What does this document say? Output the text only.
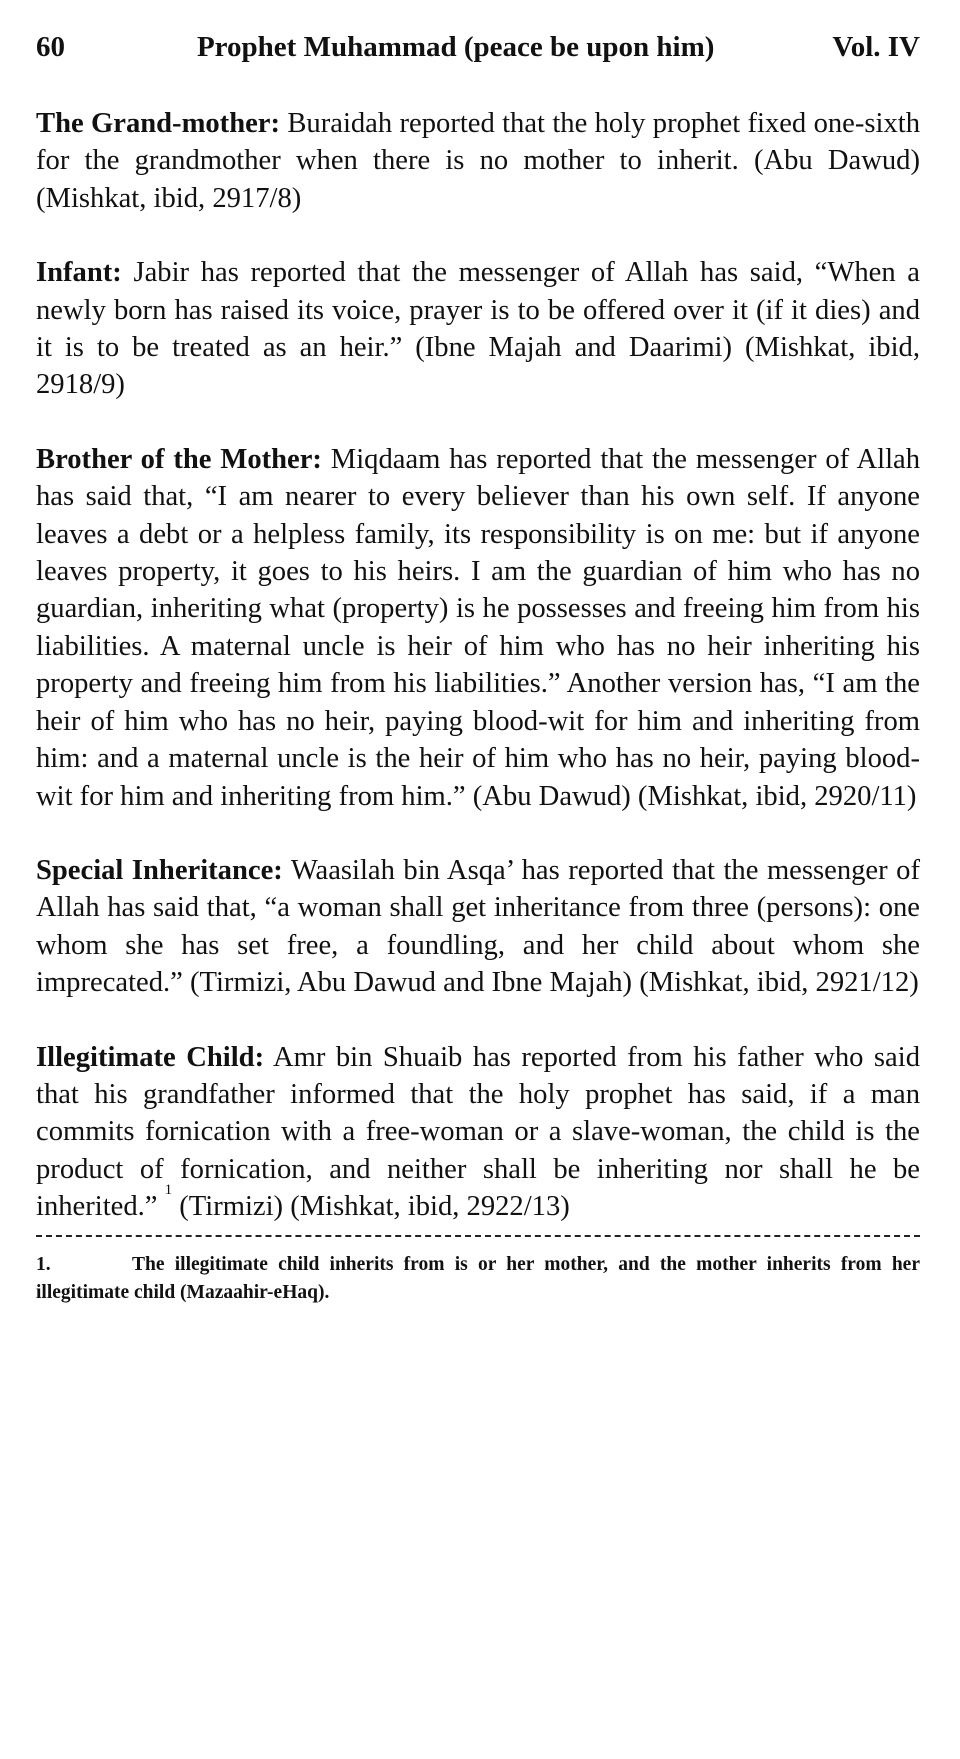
60	Prophet Muhammad (peace be upon him)	Vol. IV

The Grand-mother: Buraidah reported that the holy prophet fixed one-sixth for the grandmother when there is no mother to inherit. (Abu Dawud) (Mishkat, ibid, 2917/8)

Infant: Jabir has reported that the messenger of Allah has said, “When a newly born has raised its voice, prayer is to be offered over it (if it dies) and it is to be treated as an heir.” (Ibne Majah and Daarimi) (Mishkat, ibid, 2918/9)

Brother of the Mother: Miqdaam has reported that the messenger of Allah has said that, “I am nearer to every believer than his own self. If anyone leaves a debt or a helpless family, its responsibility is on me: but if anyone leaves property, it goes to his heirs. I am the guardian of him who has no guardian, inheriting what (property) is he possesses and freeing him from his liabilities. A maternal uncle is heir of him who has no heir inheriting his property and freeing him from his liabilities.” Another version has, “I am the heir of him who has no heir, paying blood-wit for him and inheriting from him: and a maternal uncle is the heir of him who has no heir, paying blood-wit for him and inheriting from him.” (Abu Dawud) (Mishkat, ibid, 2920/11)

Special Inheritance: Waasilah bin Asqa’ has reported that the messenger of Allah has said that, “a woman shall get inheritance from three (persons): one whom she has set free, a foundling, and her child about whom she imprecated.” (Tirmizi, Abu Dawud and Ibne Majah) (Mishkat, ibid, 2921/12)

Illegitimate Child: Amr bin Shuaib has reported from his father who said that his grandfather informed that the holy prophet has said, if a man commits fornication with a free-woman or a slave-woman, the child is the product of fornication, and neither shall be inheriting nor shall he be inherited.” $^1$ (Tirmizi) (Mishkat, ibid, 2922/13)

1.	The illegitimate child inherits from is or her mother, and the mother inherits from her illegitimate child (Mazaahir-eHaq).
